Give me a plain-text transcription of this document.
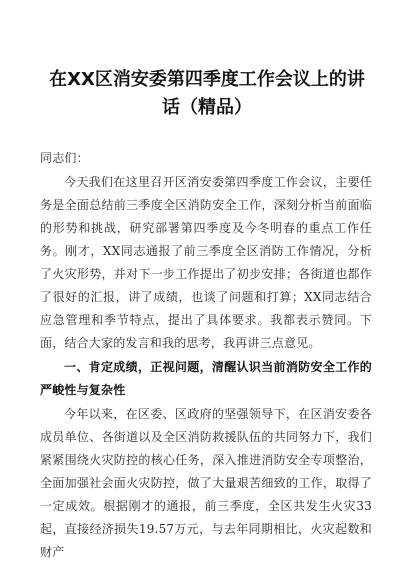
在XX区消安委第四季度工作会议上的讲话（精品）

同志们：

今天我们在这里召开区消安委第四季度工作会议，主要任务是全面总结前三季度全区消防安全工作，深刻分析当前面临的形势和挑战，研究部署第四季度及今冬明春的重点工作任务。刚才，XX同志通报了前三季度全区消防工作情况，分析了火灾形势，并对下一步工作提出了初步安排；各街道也都作了很好的汇报，讲了成绩，也谈了问题和打算；XX同志结合应急管理和季节特点，提出了具体要求。我都表示赞同。下面，结合大家的发言和我的思考，我再讲三点意见。

一、肯定成绩，正视问题，清醒认识当前消防安全工作的严峻性与复杂性

今年以来，在区委、区政府的坚强领导下，在区消安委各成员单位、各街道以及全区消防救援队伍的共同努力下，我们紧紧围绕火灾防控的核心任务，深入推进消防安全专项整治，全面加强社会面火灾防控，做了大量艰苦细致的工作，取得了一定成效。根据刚才的通报，前三季度，全区共发生火灾33起，直接经济损失19.57万元，与去年同期相比，火灾起数和财产
